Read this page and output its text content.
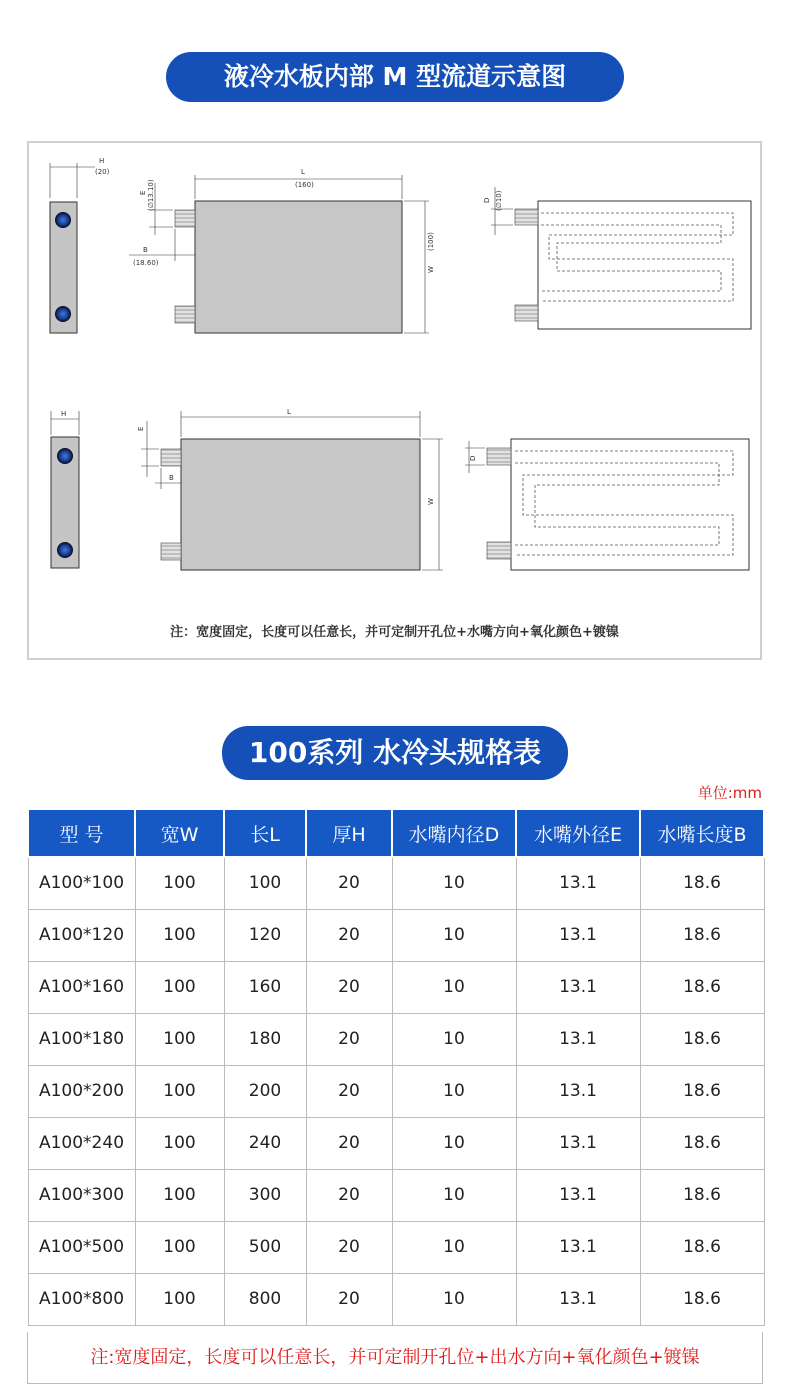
液冷水板内部 M 型流道示意图
H
(20)	L
(160)
W
(100)
E (∅13.10)
B
(18.60)
D (∅10)
H	L
W
E
B
D
注：宽度固定，长度可以任意长，并可定制开孔位+水嘴方向+氧化颜色+镀镍
100系列 水冷头规格表
单位:mm
型 号	宽W	长L	厚H	水嘴内径D	水嘴外径E	水嘴长度B
A100*100	100	100	20	10	13.1	18.6
A100*120	100	120	20	10	13.1	18.6
A100*160	100	160	20	10	13.1	18.6
A100*180	100	180	20	10	13.1	18.6
A100*200	100	200	20	10	13.1	18.6
A100*240	100	240	20	10	13.1	18.6
A100*300	100	300	20	10	13.1	18.6
A100*500	100	500	20	10	13.1	18.6
A100*800	100	800	20	10	13.1	18.6
注:宽度固定，长度可以任意长，并可定制开孔位+出水方向+氧化颜色+镀镍
